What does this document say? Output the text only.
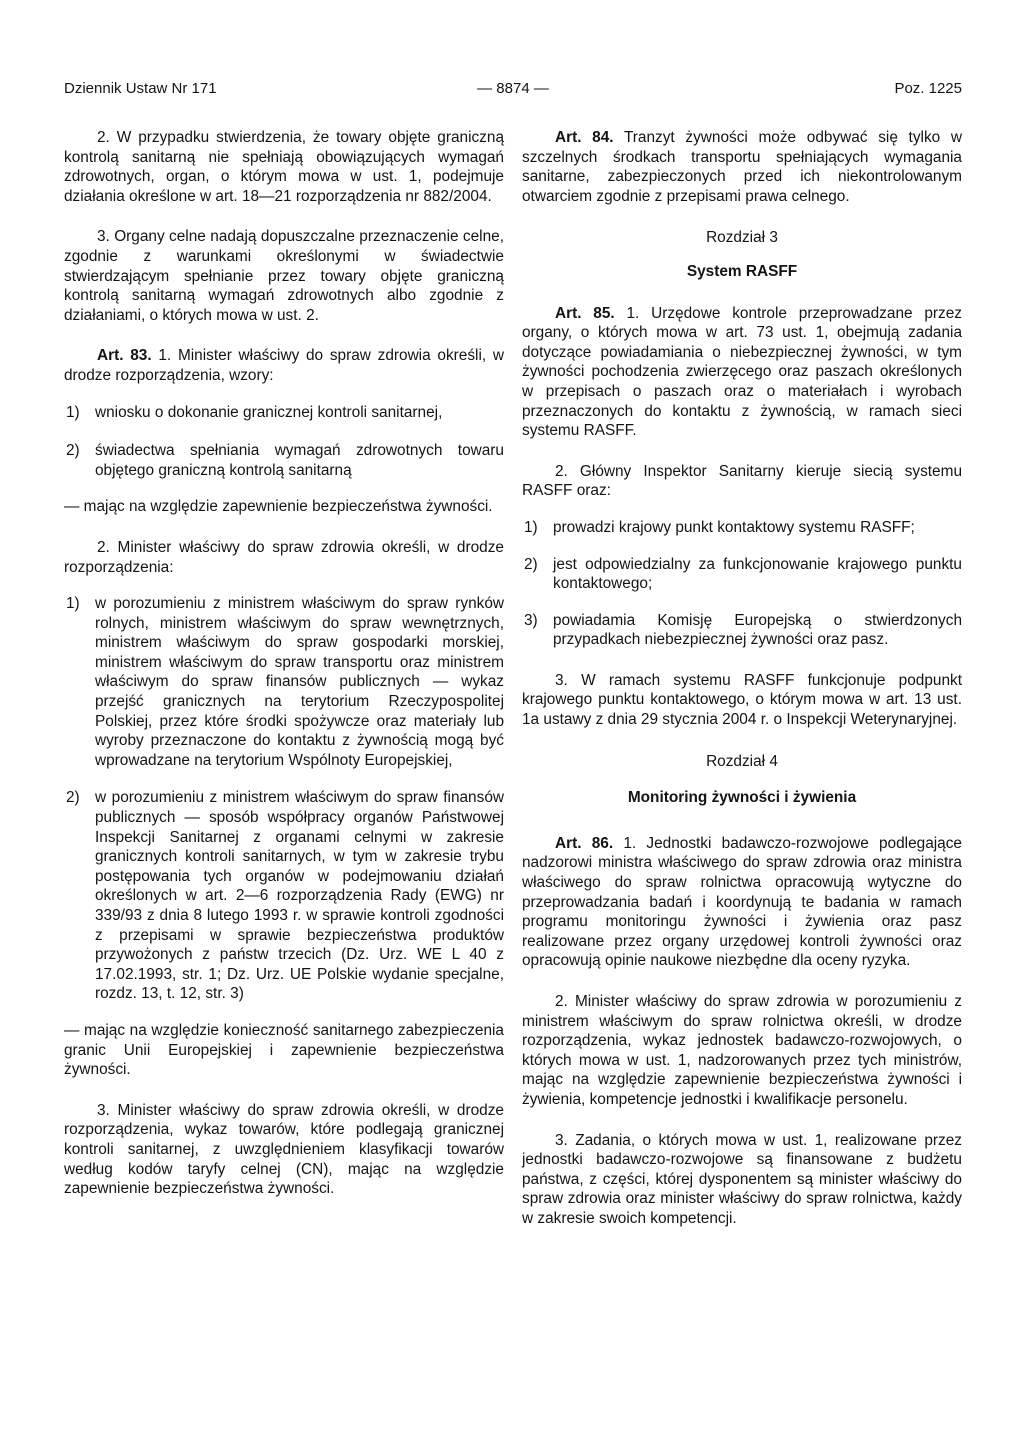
Dziennik Ustaw Nr 171	— 8874 —	Poz. 1225

2. W przypadku stwierdzenia, że towary objęte graniczną kontrolą sanitarną nie spełniają obowiązujących wymagań zdrowotnych, organ, o którym mowa w ust. 1, podejmuje działania określone w art. 18—21 rozporządzenia nr 882/2004.

3. Organy celne nadają dopuszczalne przeznaczenie celne, zgodnie z warunkami określonymi w świadectwie stwierdzającym spełnianie przez towary objęte graniczną kontrolą sanitarną wymagań zdrowotnych albo zgodnie z działaniami, o których mowa w ust. 2.

Art. 83. 1. Minister właściwy do spraw zdrowia określi, w drodze rozporządzenia, wzory:

1) wniosku o dokonanie granicznej kontroli sanitarnej,
2) świadectwa spełniania wymagań zdrowotnych towaru objętego graniczną kontrolą sanitarną

— mając na względzie zapewnienie bezpieczeństwa żywności.

2. Minister właściwy do spraw zdrowia określi, w drodze rozporządzenia:

1) w porozumieniu z ministrem właściwym do spraw rynków rolnych, ministrem właściwym do spraw wewnętrznych, ministrem właściwym do spraw gospodarki morskiej, ministrem właściwym do spraw transportu oraz ministrem właściwym do spraw finansów publicznych — wykaz przejść granicznych na terytorium Rzeczypospolitej Polskiej, przez które środki spożywcze oraz materiały lub wyroby przeznaczone do kontaktu z żywnością mogą być wprowadzane na terytorium Wspólnoty Europejskiej,
2) w porozumieniu z ministrem właściwym do spraw finansów publicznych — sposób współpracy organów Państwowej Inspekcji Sanitarnej z organami celnymi w zakresie granicznych kontroli sanitarnych, w tym w zakresie trybu postępowania tych organów w podejmowaniu działań określonych w art. 2—6 rozporządzenia Rady (EWG) nr 339/93 z dnia 8 lutego 1993 r. w sprawie kontroli zgodności z przepisami w sprawie bezpieczeństwa produktów przywożonych z państw trzecich (Dz. Urz. WE L 40 z 17.02.1993, str. 1; Dz. Urz. UE Polskie wydanie specjalne, rozdz. 13, t. 12, str. 3)

— mając na względzie konieczność sanitarnego zabezpieczenia granic Unii Europejskiej i zapewnienie bezpieczeństwa żywności.

3. Minister właściwy do spraw zdrowia określi, w drodze rozporządzenia, wykaz towarów, które podlegają granicznej kontroli sanitarnej, z uwzględnieniem klasyfikacji towarów według kodów taryfy celnej (CN), mając na względzie zapewnienie bezpieczeństwa żywności.

Art. 84. Tranzyt żywności może odbywać się tylko w szczelnych środkach transportu spełniających wymagania sanitarne, zabezpieczonych przed ich niekontrolowanym otwarciem zgodnie z przepisami prawa celnego.

Rozdział 3

System RASFF

Art. 85. 1. Urzędowe kontrole przeprowadzane przez organy, o których mowa w art. 73 ust. 1, obejmują zadania dotyczące powiadamiania o niebezpiecznej żywności, w tym żywności pochodzenia zwierzęcego oraz paszach określonych w przepisach o paszach oraz o materiałach i wyrobach przeznaczonych do kontaktu z żywnością, w ramach sieci systemu RASFF.

2. Główny Inspektor Sanitarny kieruje siecią systemu RASFF oraz:

1) prowadzi krajowy punkt kontaktowy systemu RASFF;
2) jest odpowiedzialny za funkcjonowanie krajowego punktu kontaktowego;
3) powiadamia Komisję Europejską o stwierdzonych przypadkach niebezpiecznej żywności oraz pasz.

3. W ramach systemu RASFF funkcjonuje podpunkt krajowego punktu kontaktowego, o którym mowa w art. 13 ust. 1a ustawy z dnia 29 stycznia 2004 r. o Inspekcji Weterynaryjnej.

Rozdział 4

Monitoring żywności i żywienia

Art. 86. 1. Jednostki badawczo-rozwojowe podlegające nadzorowi ministra właściwego do spraw zdrowia oraz ministra właściwego do spraw rolnictwa opracowują wytyczne do przeprowadzania badań i koordynują te badania w ramach programu monitoringu żywności i żywienia oraz pasz realizowane przez organy urzędowej kontroli żywności oraz opracowują opinie naukowe niezbędne dla oceny ryzyka.

2. Minister właściwy do spraw zdrowia w porozumieniu z ministrem właściwym do spraw rolnictwa określi, w drodze rozporządzenia, wykaz jednostek badawczo-rozwojowych, o których mowa w ust. 1, nadzorowanych przez tych ministrów, mając na względzie zapewnienie bezpieczeństwa żywności i żywienia, kompetencje jednostki i kwalifikacje personelu.

3. Zadania, o których mowa w ust. 1, realizowane przez jednostki badawczo-rozwojowe są finansowane z budżetu państwa, z części, której dysponentem są minister właściwy do spraw zdrowia oraz minister właściwy do spraw rolnictwa, każdy w zakresie swoich kompetencji.
